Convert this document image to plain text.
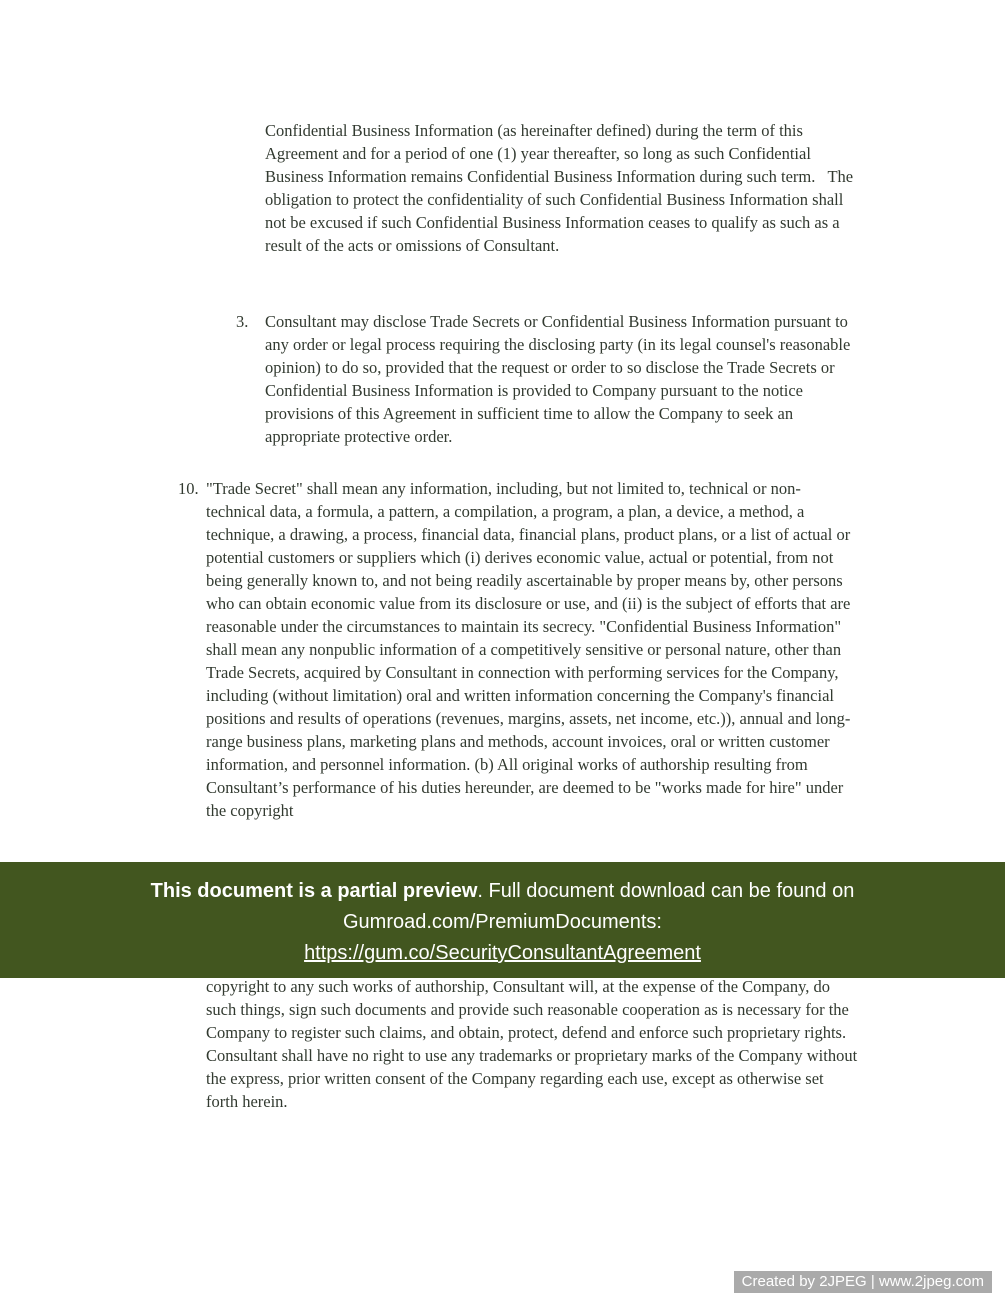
Confidential Business Information (as hereinafter defined) during the term of this Agreement and for a period of one (1) year thereafter, so long as such Confidential Business Information remains Confidential Business Information during such term.   The obligation to protect the confidentiality of such Confidential Business Information shall not be excused if such Confidential Business Information ceases to qualify as such as a result of the acts or omissions of Consultant.
3.	Consultant may disclose Trade Secrets or Confidential Business Information pursuant to any order or legal process requiring the disclosing party (in its legal counsel's reasonable opinion) to do so, provided that the request or order to so disclose the Trade Secrets or Confidential Business Information is provided to Company pursuant to the notice provisions of this Agreement in sufficient time to allow the Company to seek an appropriate protective order.
10. "Trade Secret" shall mean any information, including, but not limited to, technical or non-technical data, a formula, a pattern, a compilation, a program, a plan, a device, a method, a technique, a drawing, a process, financial data, financial plans, product plans, or a list of actual or potential customers or suppliers which (i) derives economic value, actual or potential, from not being generally known to, and not being readily ascertainable by proper means by, other persons who can obtain economic value from its disclosure or use, and (ii) is the subject of efforts that are reasonable under the circumstances to maintain its secrecy. "Confidential Business Information" shall mean any nonpublic information of a competitively sensitive or personal nature, other than Trade Secrets, acquired by Consultant in connection with performing services for the Company, including (without limitation) oral and written information concerning the Company's financial positions and results of operations (revenues, margins, assets, net income, etc.)), annual and long-range business plans, marketing plans and methods, account invoices, oral or written customer information, and personnel information. (b) All original works of authorship resulting from Consultant’s performance of his duties hereunder, are deemed to be "works made for hire" under the copyright
This document is a partial preview. Full document download can be found on
Gumroad.com/PremiumDocuments:
https://gum.co/SecurityConsultantAgreement
copyright to any such works of authorship, Consultant will, at the expense of the Company, do such things, sign such documents and provide such reasonable cooperation as is necessary for the Company to register such claims, and obtain, protect, defend and enforce such proprietary rights.  Consultant shall have no right to use any trademarks or proprietary marks of the Company without the express, prior written consent of the Company regarding each use, except as otherwise set forth herein.
Created by 2JPEG | www.2jpeg.com
